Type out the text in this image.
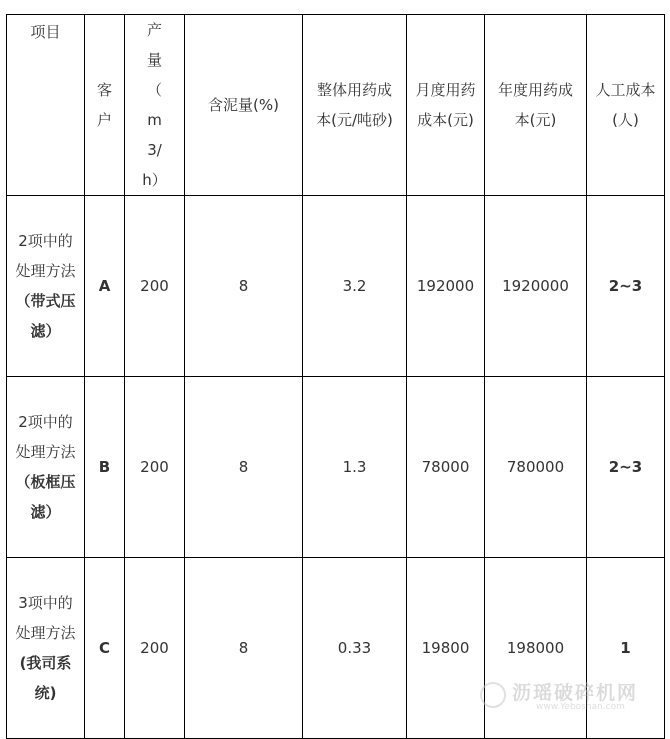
项目	客户	产量（m3/h）	含泥量(%)	整体用药成本(元/吨砂)	月度用药成本(元)	年度用药成本(元)	人工成本(人)
2项中的处理方法（带式压滤）	A	200	8	3.2	192000	1920000	2~3
2项中的处理方法（板框压滤）	B	200	8	1.3	78000	780000	2~3
3项中的处理方法(我司系统)	C	200	8	0.33	19800	198000	1
沥瑶破碎机网
www.Yeboshan.com
